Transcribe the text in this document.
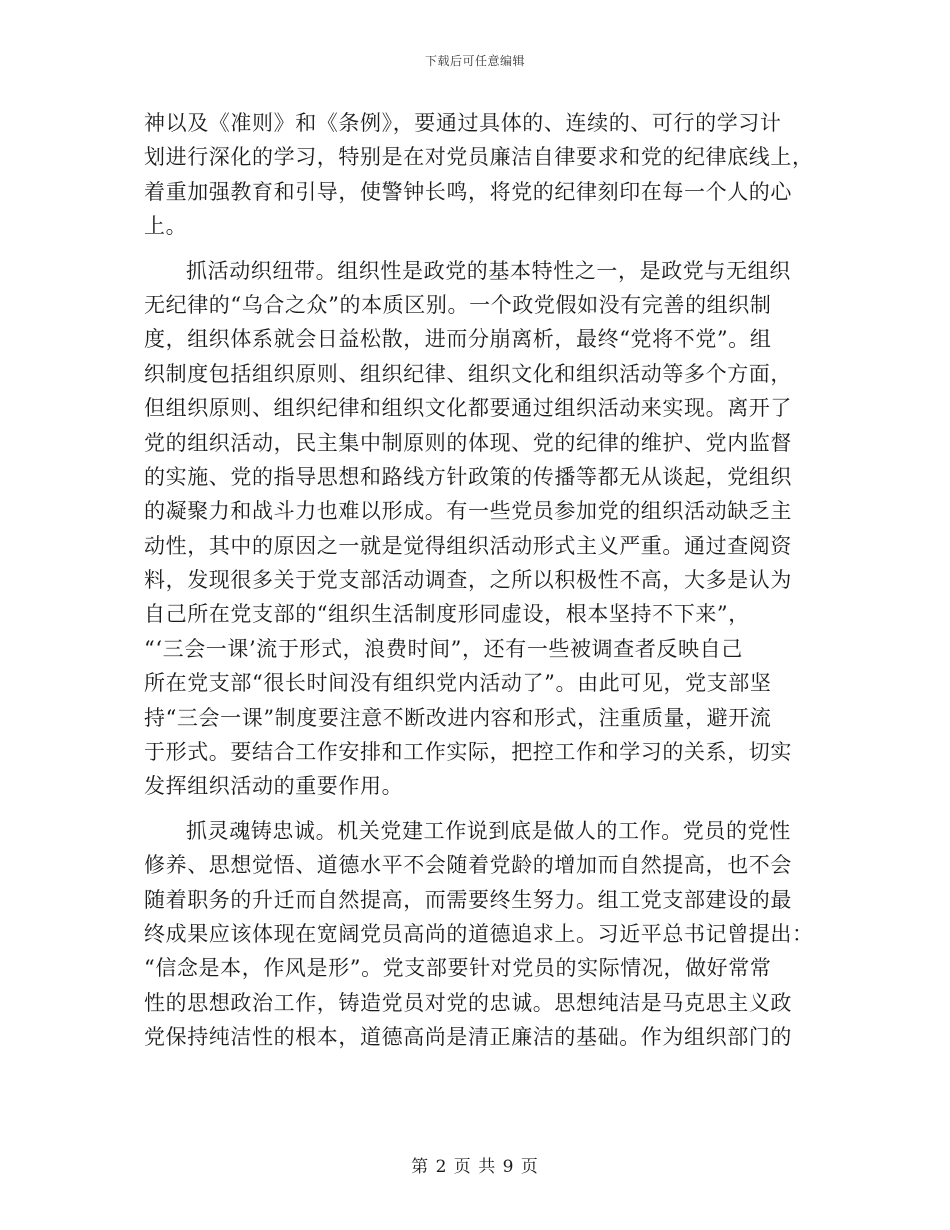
下载后可任意编辑
神以及《准则》和《条例》，要通过具体的、连续的、可行的学习计
划进行深化的学习，特别是在对党员廉洁自律要求和党的纪律底线上，
着重加强教育和引导，使警钟长鸣，将党的纪律刻印在每一个人的心
上。
抓活动织纽带。组织性是政党的基本特性之一，是政党与无组织
无纪律的“乌合之众”的本质区别。一个政党假如没有完善的组织制
度，组织体系就会日益松散，进而分崩离析，最终“党将不党”。组
织制度包括组织原则、组织纪律、组织文化和组织活动等多个方面，
但组织原则、组织纪律和组织文化都要通过组织活动来实现。离开了
党的组织活动，民主集中制原则的体现、党的纪律的维护、党内监督
的实施、党的指导思想和路线方针政策的传播等都无从谈起，党组织
的凝聚力和战斗力也难以形成。有一些党员参加党的组织活动缺乏主
动性，其中的原因之一就是觉得组织活动形式主义严重。通过查阅资
料，发现很多关于党支部活动调查，之所以积极性不高，大多是认为
自己所在党支部的“组织生活制度形同虚设，根本坚持不下来”，
“‘三会一课’流于形式，浪费时间”，还有一些被调查者反映自己
所在党支部“很长时间没有组织党内活动了”。由此可见，党支部坚
持“三会一课”制度要注意不断改进内容和形式，注重质量，避开流
于形式。要结合工作安排和工作实际，把控工作和学习的关系，切实
发挥组织活动的重要作用。
抓灵魂铸忠诚。机关党建工作说到底是做人的工作。党员的党性
修养、思想觉悟、道德水平不会随着党龄的增加而自然提高，也不会
随着职务的升迁而自然提高，而需要终生努力。组工党支部建设的最
终成果应该体现在宽阔党员高尚的道德追求上。习近平总书记曾提出：
“信念是本，作风是形”。党支部要针对党员的实际情况，做好常常
性的思想政治工作，铸造党员对党的忠诚。思想纯洁是马克思主义政
党保持纯洁性的根本，道德高尚是清正廉洁的基础。作为组织部门的
第 2 页 共 9 页
